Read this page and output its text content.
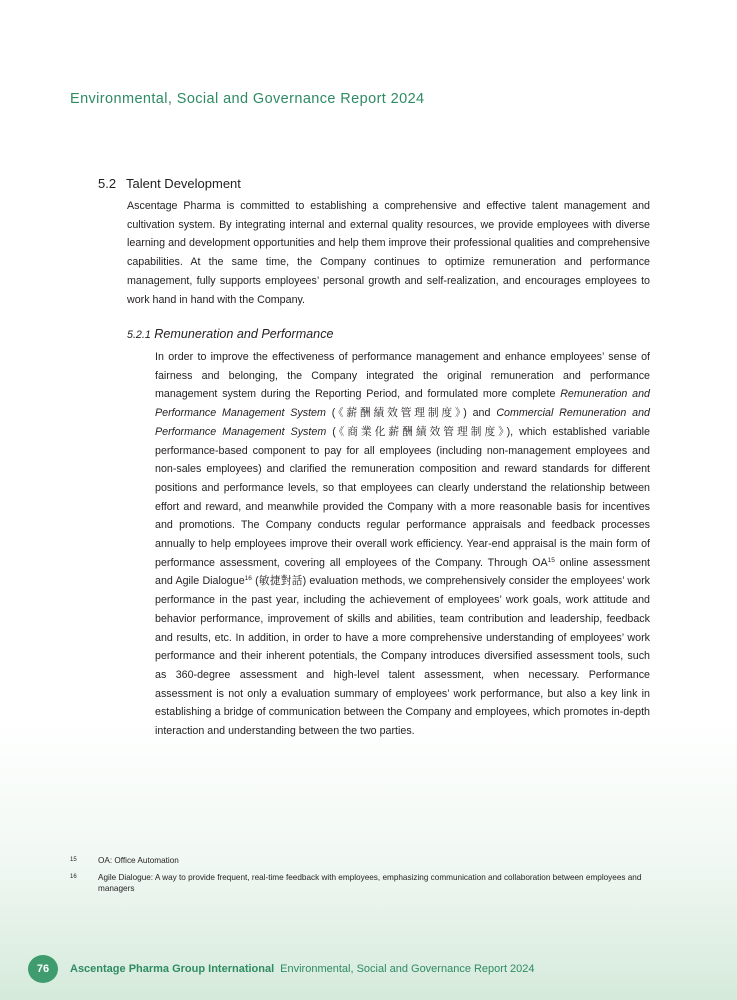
Environmental, Social and Governance Report 2024
5.2 Talent Development

Ascentage Pharma is committed to establishing a comprehensive and effective talent management and cultivation system. By integrating internal and external quality resources, we provide employees with diverse learning and development opportunities and help them improve their professional qualities and comprehensive capabilities. At the same time, the Company continues to optimize remuneration and performance management, fully supports employees’ personal growth and self-realization, and encourages employees to work hand in hand with the Company.

5.2.1 Remuneration and Performance

In order to improve the effectiveness of performance management and enhance employees’ sense of fairness and belonging, the Company integrated the original remuneration and performance management system during the Reporting Period, and formulated more complete Remuneration and Performance Management System (《薪酬績效管理制度》) and Commercial Remuneration and Performance Management System (《商業化薪酬績效管理制度》), which established variable performance-based component to pay for all employees (including non-management employees and non-sales employees) and clarified the remuneration composition and reward standards for different positions and performance levels, so that employees can clearly understand the relationship between effort and reward, and meanwhile provided the Company with a more reasonable basis for incentives and promotions. The Company conducts regular performance appraisals and feedback processes annually to help employees improve their overall work efficiency. Year-end appraisal is the main form of performance assessment, covering all employees of the Company. Through OA$^{15}$ online assessment and Agile Dialogue$^{16}$ (敏捷對話) evaluation methods, we comprehensively consider the employees’ work performance in the past year, including the achievement of employees’ work goals, work attitude and behavior performance, improvement of skills and abilities, team contribution and leadership, feedback and results, etc. In addition, in order to have a more comprehensive understanding of employees’ work performance and their inherent potentials, the Company introduces diversified assessment tools, such as 360-degree assessment and high-level talent assessment, when necessary. Performance assessment is not only a evaluation summary of employees’ work performance, but also a key link in establishing a bridge of communication between the Company and employees, which promotes in-depth interaction and understanding between the two parties.

15	OA: Office Automation
16	Agile Dialogue: A way to provide frequent, real-time feedback with employees, emphasizing communication and collaboration between employees and managers
76	Ascentage Pharma Group International Environmental, Social and Governance Report 2024
